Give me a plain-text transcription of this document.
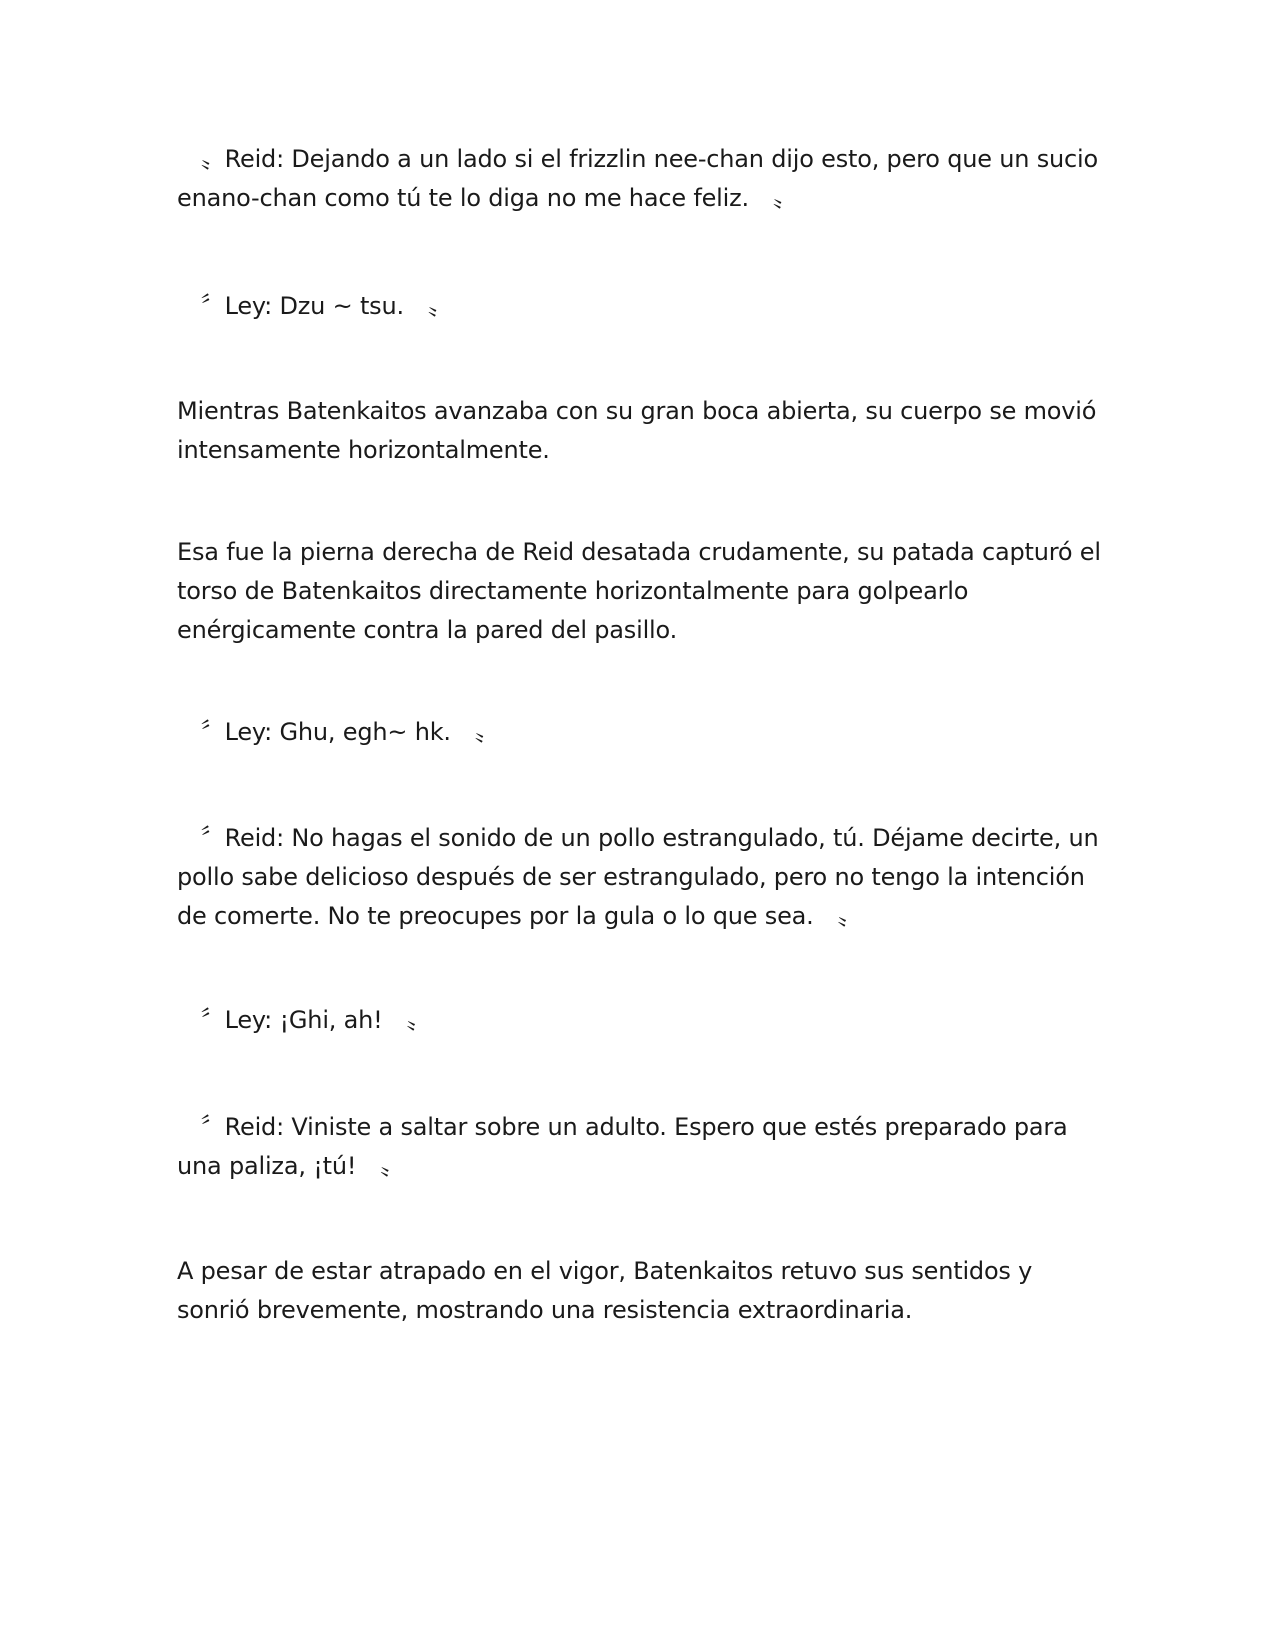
　〟Reid: Dejando a un lado si el frizzlin nee-chan dijo esto, pero que un sucio enano-chan como tú te lo diga no me hace feliz.　〟

　〞Ley: Dzu ~ tsu.　〟

Mientras Batenkaitos avanzaba con su gran boca abierta, su cuerpo se movió intensamente horizontalmente.

Esa fue la pierna derecha de Reid desatada crudamente, su patada capturó el torso de Batenkaitos directamente horizontalmente para golpearlo enérgicamente contra la pared del pasillo.

　〞Ley: Ghu, egh~ hk.　〟

　〞Reid: No hagas el sonido de un pollo estrangulado, tú. Déjame decirte, un pollo sabe delicioso después de ser estrangulado, pero no tengo la intención de comerte. No te preocupes por la gula o lo que sea.　〟

　〞Ley: ¡Ghi, ah!　〟

　〞Reid: Viniste a saltar sobre un adulto. Espero que estés preparado para una paliza, ¡tú!　〟

A pesar de estar atrapado en el vigor, Batenkaitos retuvo sus sentidos y sonrió brevemente, mostrando una resistencia extraordinaria.
